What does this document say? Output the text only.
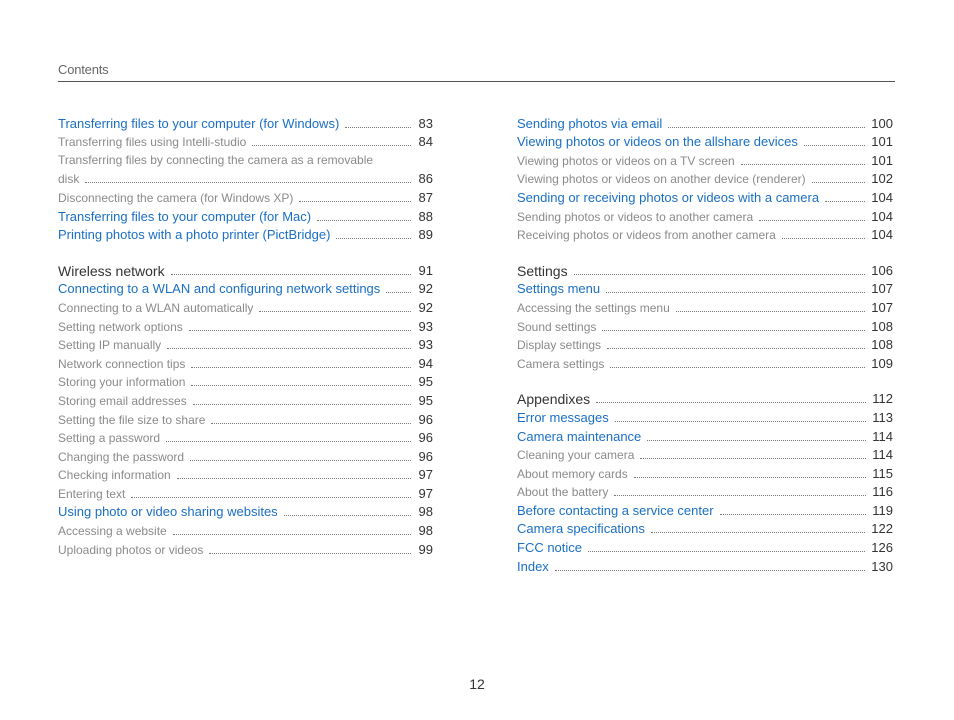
Contents
Transferring files to your computer (for Windows)	83
Transferring files using Intelli-studio	84
Transferring files by connecting the camera as a removable
disk	86
Disconnecting the camera (for Windows XP)	87
Transferring files to your computer (for Mac)	88
Printing photos with a photo printer (PictBridge)	89
Wireless network	91
Connecting to a WLAN and configuring network settings	92
Connecting to a WLAN automatically	92
Setting network options	93
Setting IP manually	93
Network connection tips	94
Storing your information	95
Storing email addresses	95
Setting the file size to share	96
Setting a password	96
Changing the password	96
Checking information	97
Entering text	97
Using photo or video sharing websites	98
Accessing a website	98
Uploading photos or videos	99
Sending photos via email	100
Viewing photos or videos on the allshare devices	101
Viewing photos or videos on a TV screen	101
Viewing photos or videos on another device (renderer)	102
Sending or receiving photos or videos with a camera	104
Sending photos or videos to another camera	104
Receiving photos or videos from another camera	104
Settings	106
Settings menu	107
Accessing the settings menu	107
Sound settings	108
Display settings	108
Camera settings	109
Appendixes	112
Error messages	113
Camera maintenance	114
Cleaning your camera	114
About memory cards	115
About the battery	116
Before contacting a service center	119
Camera specifications	122
FCC notice	126
Index	130
12
